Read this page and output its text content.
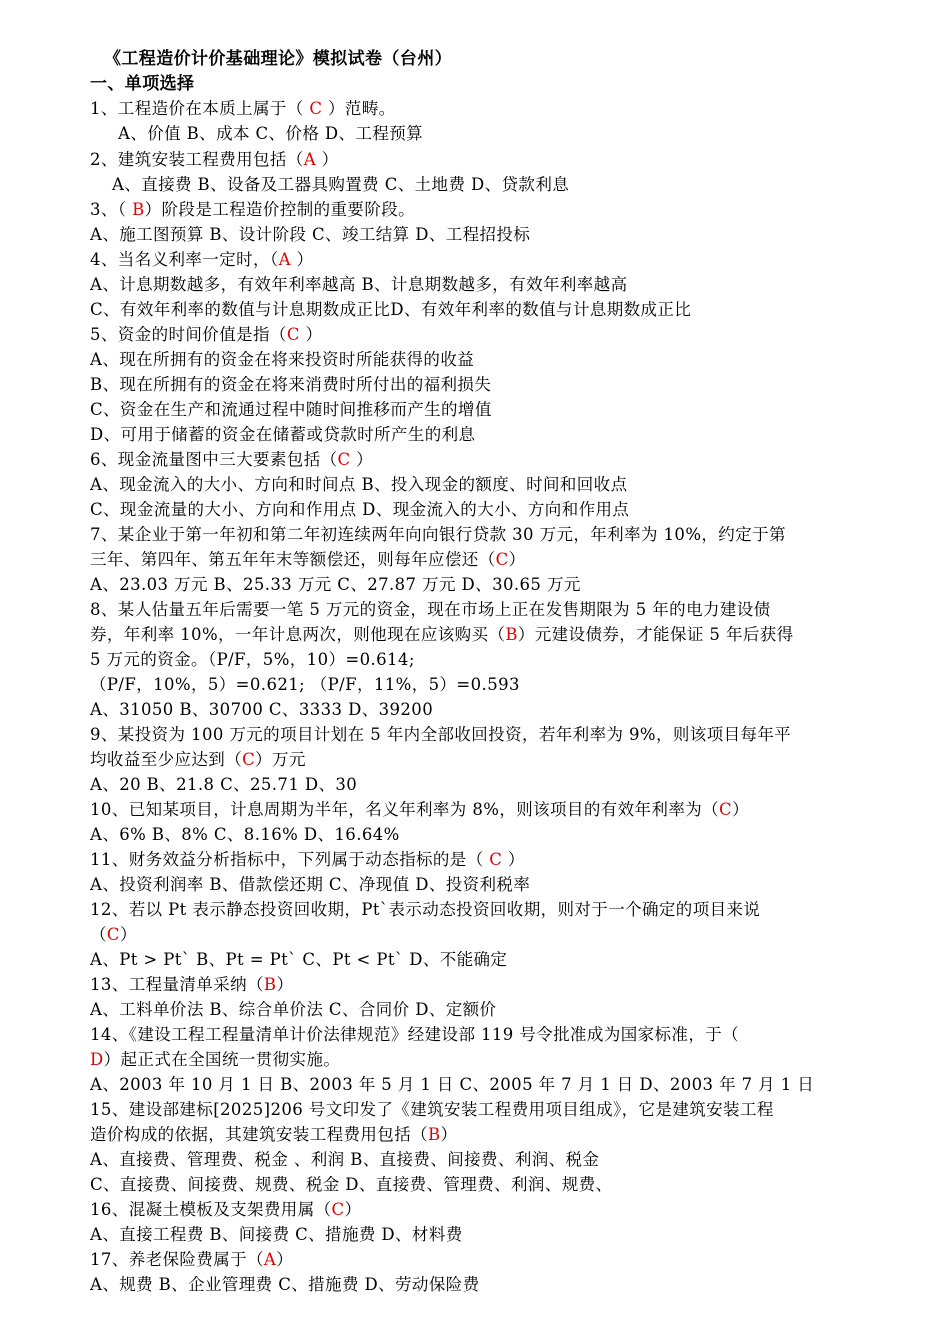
《工程造价计价基础理论》模拟试卷（台州）
一、单项选择
1、工程造价在本质上属于（ C ）范畴。
A、价值 B、成本 C、价格 D、工程预算
2、建筑安装工程费用包括（A ）
A、直接费 B、设备及工器具购置费 C、土地费 D、贷款利息
3、（ B）阶段是工程造价控制的重要阶段。
A、施工图预算 B、设计阶段 C、竣工结算 D、工程招投标
4、当名义利率一定时，（A ）
A、计息期数越多，有效年利率越高 B、计息期数越多，有效年利率越高
C、有效年利率的数值与计息期数成正比D、有效年利率的数值与计息期数成正比
5、资金的时间价值是指（C ）
A、现在所拥有的资金在将来投资时所能获得的收益
B、现在所拥有的资金在将来消费时所付出的福利损失
C、资金在生产和流通过程中随时间推移而产生的增值
D、可用于储蓄的资金在储蓄或贷款时所产生的利息
6、现金流量图中三大要素包括（C ）
A、现金流入的大小、方向和时间点 B、投入现金的额度、时间和回收点
C、现金流量的大小、方向和作用点 D、现金流入的大小、方向和作用点
7、某企业于第一年初和第二年初连续两年向向银行贷款 30 万元，年利率为 10%，约定于第
三年、第四年、第五年年末等额偿还，则每年应偿还（C）
A、23.03 万元 B、25.33 万元 C、27.87 万元 D、30.65 万元
8、某人估量五年后需要一笔 5 万元的资金，现在市场上正在发售期限为 5 年的电力建设债
券，年利率 10%，一年计息两次，则他现在应该购买（B）元建设债券，才能保证 5 年后获得
5 万元的资金。（P/F，5%，10）=0.614;
（P/F，10%，5）=0.621; （P/F，11%，5）=0.593
A、31050 B、30700 C、3333 D、39200
9、某投资为 100 万元的项目计划在 5 年内全部收回投资，若年利率为 9%，则该项目每年平
均收益至少应达到（C）万元
A、20 B、21.8 C、25.71 D、30
10、已知某项目，计息周期为半年，名义年利率为 8%，则该项目的有效年利率为（C）
A、6% B、8% C、8.16% D、16.64%
11、财务效益分析指标中，下列属于动态指标的是（ C ）
A、投资利润率 B、借款偿还期 C、净现值 D、投资利税率
12、若以 Pt 表示静态投资回收期，Pt`表示动态投资回收期，则对于一个确定的项目来说
（C）
A、Pt > Pt` B、Pt = Pt` C、Pt < Pt` D、不能确定
13、工程量清单采纳（B）
A、工料单价法 B、综合单价法 C、合同价 D、定额价
14、《建设工程工程量清单计价法律规范》经建设部 119 号令批准成为国家标准，于（
D）起正式在全国统一贯彻实施。
A、2003 年 10 月 1 日 B、2003 年 5 月 1 日 C、2005 年 7 月 1 日 D、2003 年 7 月 1 日
15、建设部建标[2025]206 号文印发了《建筑安装工程费用项目组成》，它是建筑安装工程
造价构成的依据，其建筑安装工程费用包括（B）
A、直接费、管理费、税金 、利润 B、直接费、间接费、利润、税金
C、直接费、间接费、规费、税金 D、直接费、管理费、利润、规费、
16、混凝土模板及支架费用属（C）
A、直接工程费 B、间接费 C、措施费 D、材料费
17、养老保险费属于（A）
A、规费 B、企业管理费 C、措施费 D、劳动保险费
